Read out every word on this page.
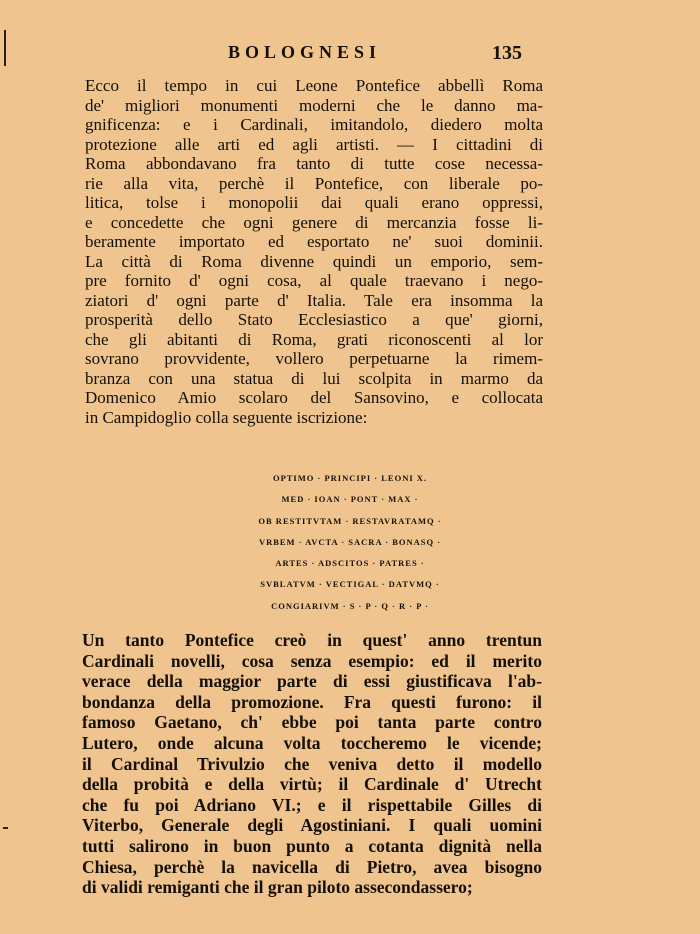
BOLOGNESI	135
Ecco il tempo in cui Leone Pontefice abbellì Roma
de' migliori monumenti moderni che le danno ma-
gnificenza: e i Cardinali, imitandolo, diedero molta
protezione alle arti ed agli artisti. — I cittadini di
Roma abbondavano fra tanto di tutte cose necessa-
rie alla vita, perchè il Pontefice, con liberale po-
litica, tolse i monopolii dai quali erano oppressi,
e concedette che ogni genere di mercanzia fosse li-
beramente importato ed esportato ne' suoi dominii.
La città di Roma divenne quindi un emporio, sem-
pre fornito d' ogni cosa, al quale traevano i nego-
ziatori d' ogni parte d' Italia. Tale era insomma la
prosperità dello Stato Ecclesiastico a que' giorni,
che gli abitanti di Roma, grati riconoscenti al lor
sovrano provvidente, vollero perpetuarne la rimem-
branza con una statua di lui scolpita in marmo da
Domenico Amio scolaro del Sansovino, e collocata
in Campidoglio colla seguente iscrizione:
OPTIMO · PRINCIPI · LEONI X.
MED · IOAN · PONT · MAX ·
OB RESTITVTAM · RESTAVRATAMQ ·
VRBEM · AVCTA · SACRA · BONASQ ·
ARTES · ADSCITOS · PATRES ·
SVBLATVM · VECTIGAL · DATVMQ ·
CONGIARIVM · S · P · Q · R · P ·
Un tanto Pontefice creò in quest' anno trentun
Cardinali novelli, cosa senza esempio: ed il merito
verace della maggior parte di essi giustificava l'ab-
bondanza della promozione. Fra questi furono: il
famoso Gaetano, ch' ebbe poi tanta parte contro
Lutero, onde alcuna volta toccheremo le vicende;
il Cardinal Trivulzio che veniva detto il modello
della probità e della virtù; il Cardinale d' Utrecht
che fu poi Adriano VI.; e il rispettabile Gilles di
Viterbo, Generale degli Agostiniani. I quali uomini
tutti salirono in buon punto a cotanta dignità nella
Chiesa, perchè la navicella di Pietro, avea bisogno
di validi remiganti che il gran piloto assecondassero;
